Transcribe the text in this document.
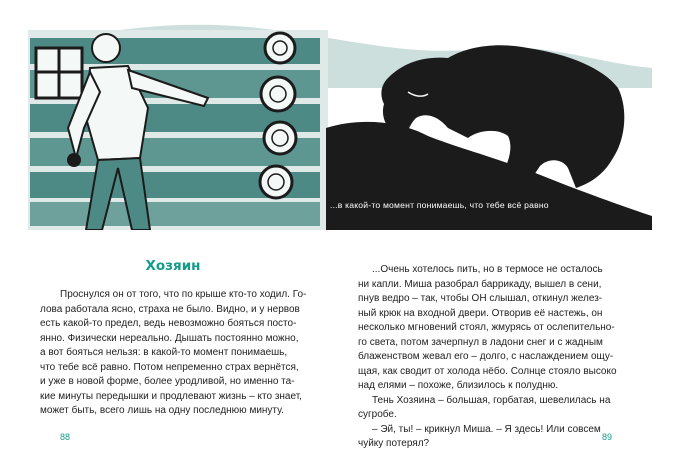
...в какой-то момент понимаешь, что тебе всё равно
Хозяин

Проснулся он от того, что по крыше кто-то ходил. Го-

лова работала ясно, страха не было. Видно, и у нервов

есть какой-то предел, ведь невозможно бояться посто-

янно. Физически нереально. Дышать постоянно можно,

а вот бояться нельзя: в какой-то момент понимаешь,

что тебе всё равно. Потом непременно страх вернётся,

и уже в новой форме, более уродливой, но именно та-

кие минуты передышки и продлевают жизнь – кто знает,

может быть, всего лишь на одну последнюю минуту.

88

...Очень хотелось пить, но в термосе не осталось

ни капли. Миша разобрал баррикаду, вышел в сени,

пнув ведро – так, чтобы ОН слышал, откинул желез-

ный крюк на входной двери. Отворив её настежь, он

несколько мгновений стоял, жмурясь от ослепительно-

го света, потом зачерпнул в ладони снег и с жадным

блаженством жевал его – долго, с наслаждением ощу-

щая, как сводит от холода нёбо. Солнце стояло высоко

над елями – похоже, близилось к полудню.

Тень Хозяина – большая, горбатая, шевелилась на

сугробе.

– Эй, ты! – крикнул Миша. – Я здесь! Или совсем

чуйку потерял?

89
